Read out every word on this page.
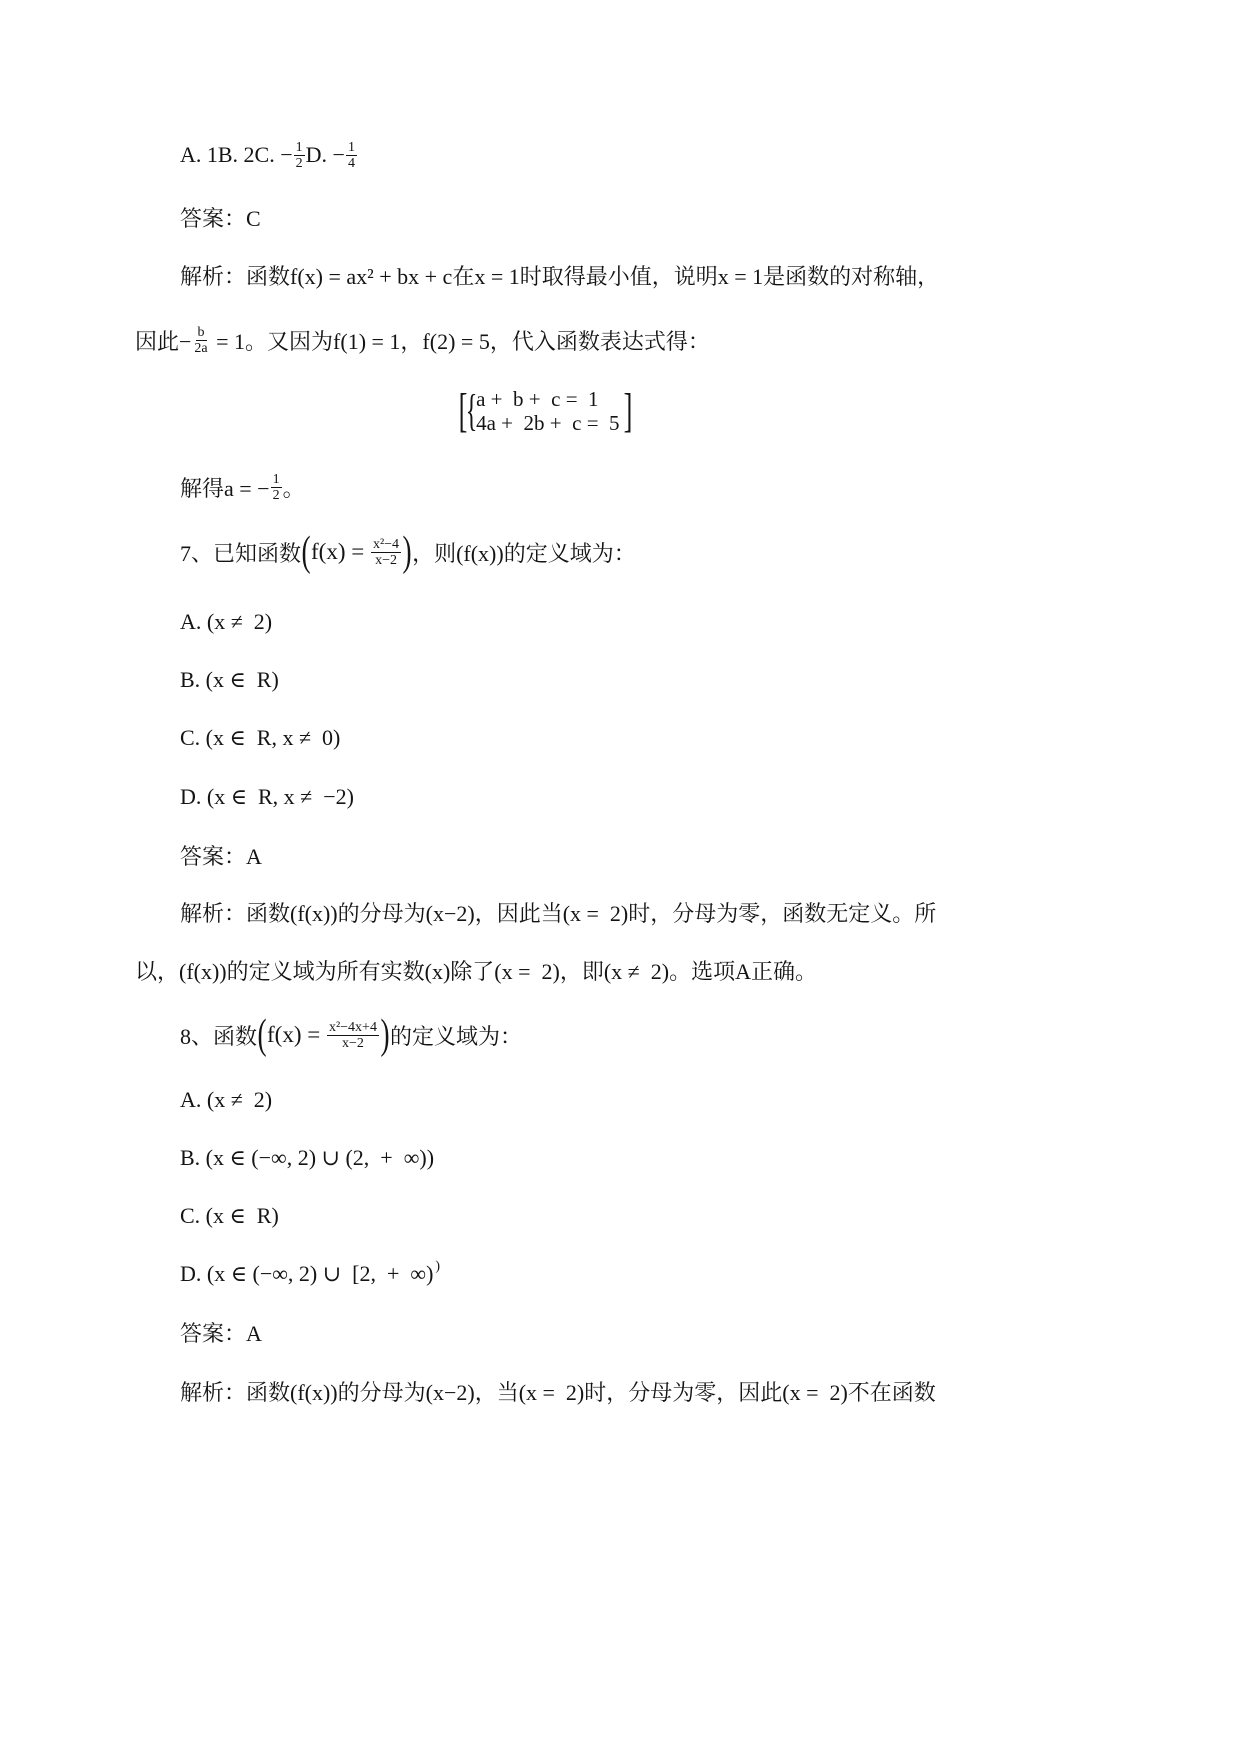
A. 1B. 2C. − $\frac{1}{2} D$. − $\frac{1}{4}$
答案：C
解析：函数f(x) = ax² + bx + c在x = 1时取得最小值，说明x = 1是函数的对称轴，
因此− $\frac{b}{2a} = 1$。又因为f(1) = 1，f(2) = 5，代入函数表达式得：
[
{
a +  b +  c =  1
4a +  2b +  c =  5 ]
解得a = − $\frac{1}{2}$ 。
7、已知函数 ( $f(x) = \frac{\text{x²−4}}{x-2}$ ) ，则(f(x))的定义域为：
A. (x ≠  2)
B. (x ∈  R)
C. (x ∈  R, x ≠  0)
D. (x ∈  R, x ≠  −2)
答案：A
解析：函数(f(x))的分母为(x−2)，因此当(x =  2)时，分母为零，函数无定义。所
以，(f(x))的定义域为所有实数(x)除了(x =  2)，即(x ≠  2)。选项A正确。
8、函数 ( $f(x) = \frac{\text{x²−4x+4}}{x-2}$ ) 的定义域为：
A. (x ≠  2)
B. (x ∈ (−∞, 2) ∪ (2,  +  ∞))
C. (x ∈  R)
D. (x ∈ (−∞, 2) ∪  [2,  +  ∞) )
答案：A
解析：函数(f(x))的分母为(x−2)，当(x =  2)时，分母为零，因此(x =  2)不在函数
